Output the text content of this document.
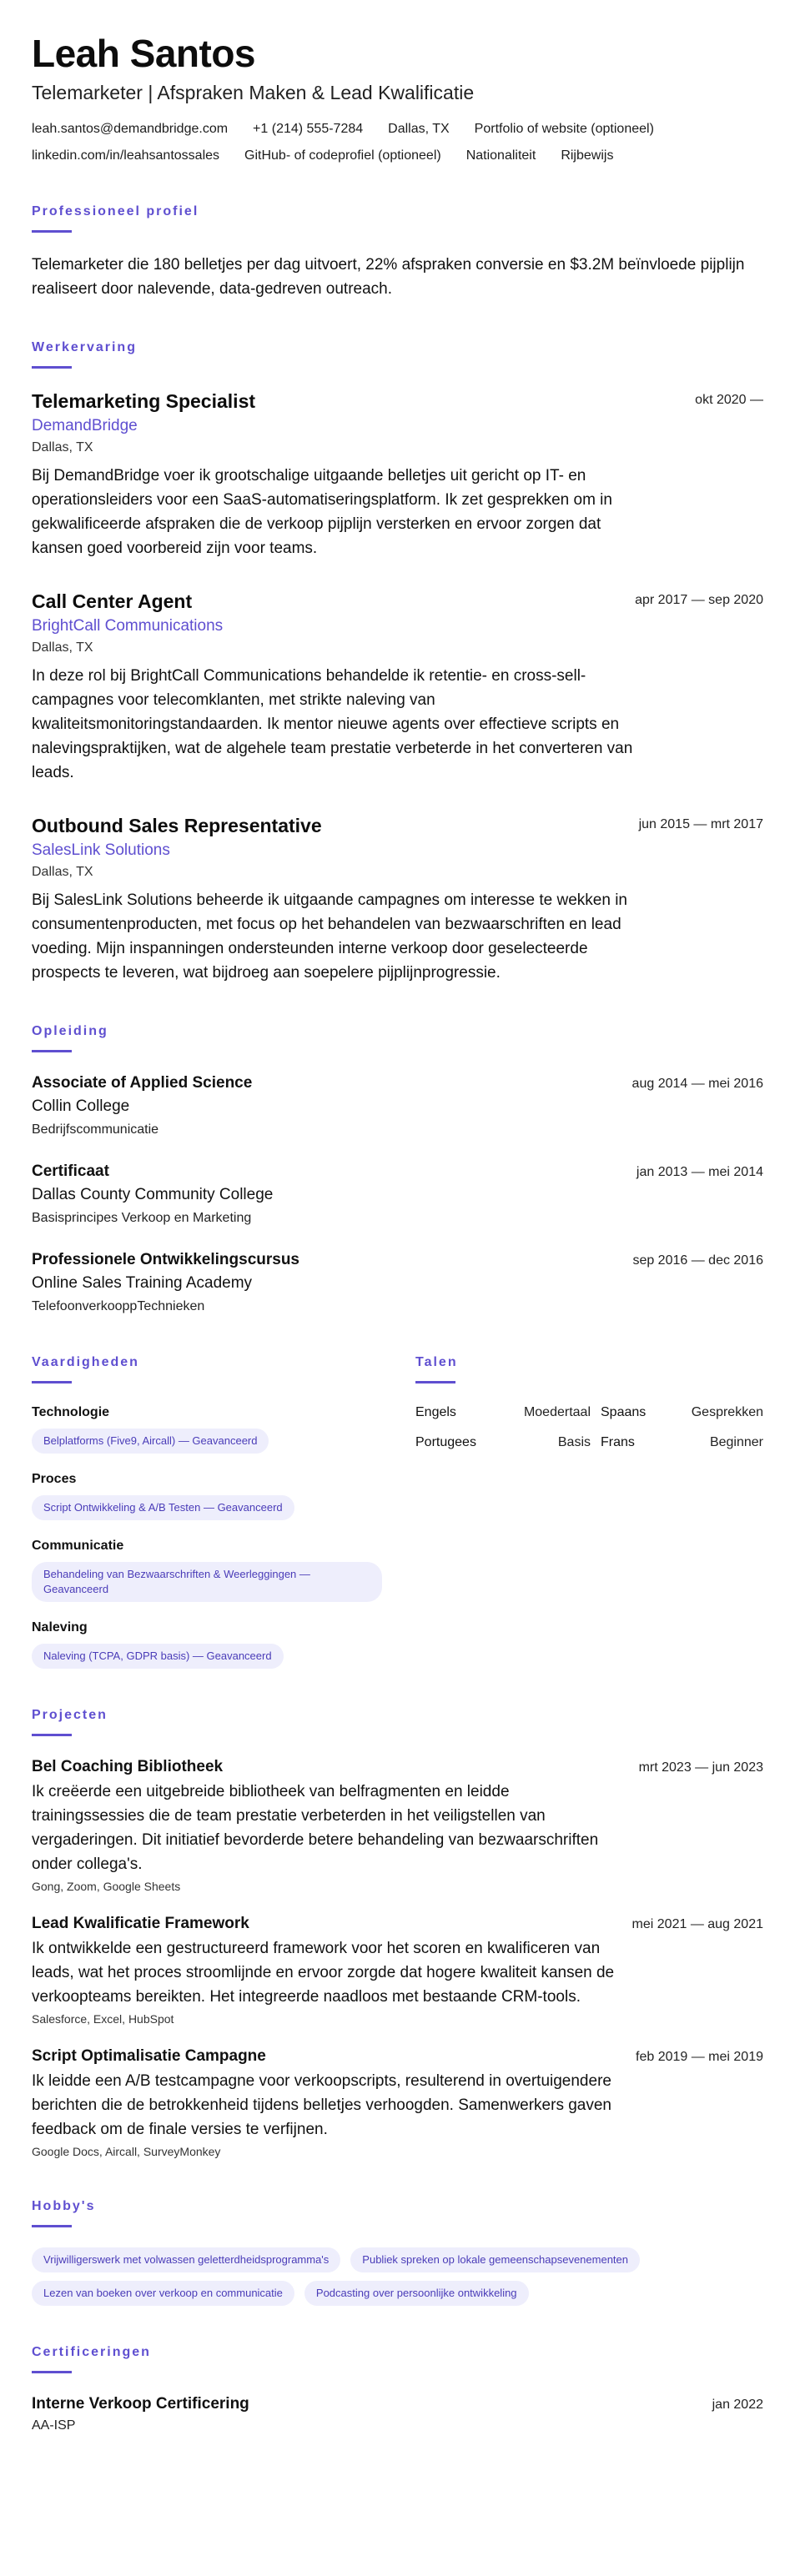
Leah Santos
Telemarketer | Afspraken Maken & Lead Kwalificatie
leah.santos@demandbridge.com +1 (214) 555-7284 Dallas, TX Portfolio of website (optioneel)
linkedin.com/in/leahsantossales GitHub- of codeprofiel (optioneel) Nationaliteit Rijbewijs
Professioneel profiel
Telemarketer die 180 belletjes per dag uitvoert, 22% afspraken conversie en $3.2M beïnvloede pijplijn realiseert door nalevende, data-gedreven outreach.
Werkervaring
Telemarketing Specialist	okt 2020 —
DemandBridge
Dallas, TX
Bij DemandBridge voer ik grootschalige uitgaande belletjes uit gericht op IT- en operationsleiders voor een SaaS-automatiseringsplatform. Ik zet gesprekken om in gekwalificeerde afspraken die de verkoop pijplijn versterken en ervoor zorgen dat kansen goed voorbereid zijn voor teams.
Call Center Agent	apr 2017 — sep 2020
BrightCall Communications
Dallas, TX
In deze rol bij BrightCall Communications behandelde ik retentie- en cross-sell-campagnes voor telecomklanten, met strikte naleving van kwaliteitsmonitoringstandaarden. Ik mentor nieuwe agents over effectieve scripts en nalevingspraktijken, wat de algehele team prestatie verbeterde in het converteren van leads.
Outbound Sales Representative	jun 2015 — mrt 2017
SalesLink Solutions
Dallas, TX
Bij SalesLink Solutions beheerde ik uitgaande campagnes om interesse te wekken in consumentenproducten, met focus op het behandelen van bezwaarschriften en lead voeding. Mijn inspanningen ondersteunden interne verkoop door geselecteerde prospects te leveren, wat bijdroeg aan soepelere pijplijnprogressie.
Opleiding
Associate of Applied Science	aug 2014 — mei 2016
Collin College
Bedrijfscommunicatie
Certificaat	jan 2013 — mei 2014
Dallas County Community College
Basisprincipes Verkoop en Marketing
Professionele Ontwikkelingscursus	sep 2016 — dec 2016
Online Sales Training Academy
TelefoonverkooppTechnieken
Vaardigheden
Technologie
Belplatforms (Five9, Aircall) — Geavanceerd
Proces
Script Ontwikkeling & A/B Testen — Geavanceerd
Communicatie
Behandeling van Bezwaarschriften & Weerleggingen — Geavanceerd
Naleving
Naleving (TCPA, GDPR basis) — Geavanceerd
Talen
Engels	Moedertaal Spaans	Gesprekken
Portugees	Basis Frans	Beginner
Projecten
Bel Coaching Bibliotheek	mrt 2023 — jun 2023
Ik creëerde een uitgebreide bibliotheek van belfragmenten en leidde trainingssessies die de team prestatie verbeterden in het veiligstellen van vergaderingen. Dit initiatief bevorderde betere behandeling van bezwaarschriften onder collega's.
Gong, Zoom, Google Sheets
Lead Kwalificatie Framework	mei 2021 — aug 2021
Ik ontwikkelde een gestructureerd framework voor het scoren en kwalificeren van leads, wat het proces stroomlijnde en ervoor zorgde dat hogere kwaliteit kansen de verkoopteams bereikten. Het integreerde naadloos met bestaande CRM-tools.
Salesforce, Excel, HubSpot
Script Optimalisatie Campagne	feb 2019 — mei 2019
Ik leidde een A/B testcampagne voor verkoopscripts, resulterend in overtuigendere berichten die de betrokkenheid tijdens belletjes verhoogden. Samenwerkers gaven feedback om de finale versies te verfijnen.
Google Docs, Aircall, SurveyMonkey
Hobby's
Vrijwilligerswerk met volwassen geletterdheidsprogramma's	Publiek spreken op lokale gemeenschapsevenementen
Lezen van boeken over verkoop en communicatie	Podcasting over persoonlijke ontwikkeling
Certificeringen
Interne Verkoop Certificering	jan 2022
AA-ISP
